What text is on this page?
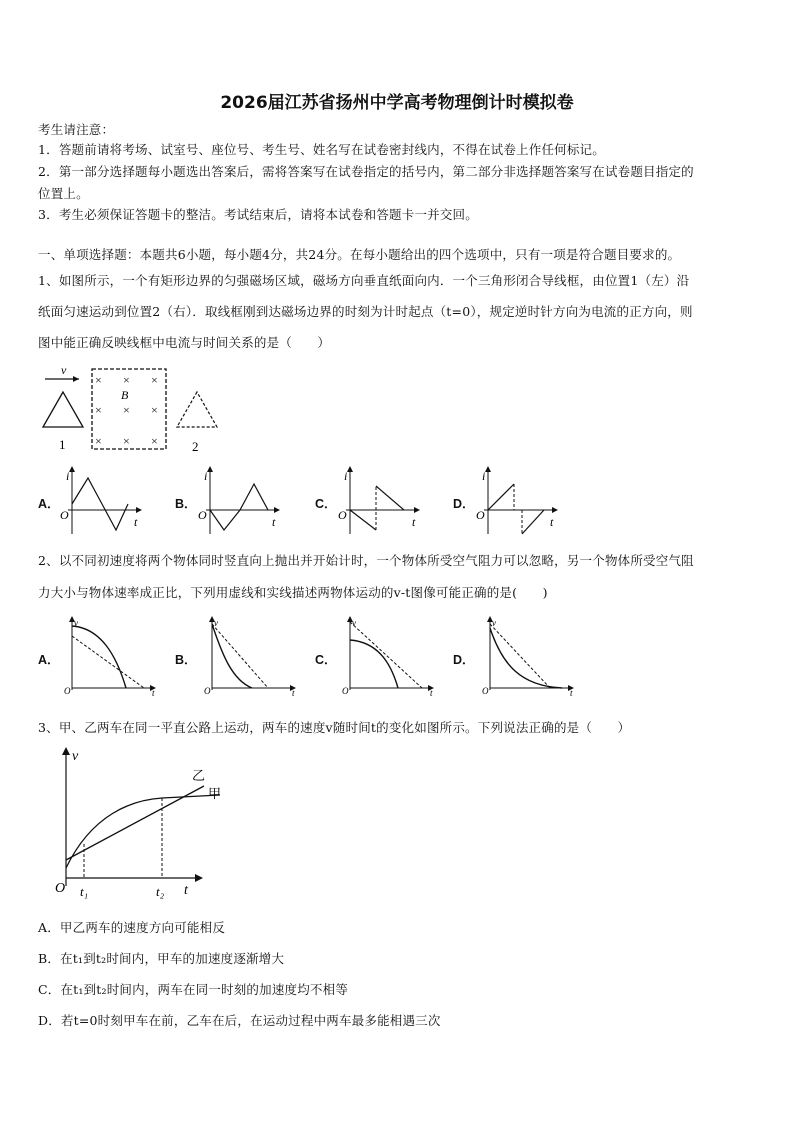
2026届江苏省扬州中学高考物理倒计时模拟卷
考生请注意：
1．答题前请将考场、试室号、座位号、考生号、姓名写在试卷密封线内，不得在试卷上作任何标记。
2．第一部分选择题每小题选出答案后，需将答案写在试卷指定的括号内，第二部分非选择题答案写在试卷题目指定的
位置上。
3．考生必须保证答题卡的整洁。考试结束后，请将本试卷和答题卡一并交回。
一、单项选择题：本题共6小题，每小题4分，共24分。在每小题给出的四个选项中，只有一项是符合题目要求的。
1、如图所示，一个有矩形边界的匀强磁场区域，磁场方向垂直纸面向内．一个三角形闭合导线框，由位置1（左）沿
纸面匀速运动到位置2（右）．取线框刚到达磁场边界的时刻为计时起点（t=0），规定逆时针方向为电流的正方向，则
图中能正确反映线框中电流与时间关系的是（　　）
v
1
× × ×
× × ×
× × ×
B
2
A．
i
O	t
B．
i
O	t
C．
i
O	t
D．
i
O	t
2、以不同初速度将两个物体同时竖直向上抛出并开始计时，一个物体所受空气阻力可以忽略，另一个物体所受空气阻
力大小与物体速率成正比，下列用虚线和实线描述两物体运动的v-t图像可能正确的是(　　)
A．
v
O	t
B．
v
O	t
C．
v
O	t
D．
v
O	t
3、甲、乙两车在同一平直公路上运动，两车的速度v随时间t的变化如图所示。下列说法正确的是（　　）
v
O	t
t₁	t₂
乙
甲
A．甲乙两车的速度方向可能相反
B．在t₁到t₂时间内，甲车的加速度逐渐增大
C．在t₁到t₂时间内，两车在同一时刻的加速度均不相等
D．若t=0时刻甲车在前，乙车在后，在运动过程中两车最多能相遇三次
